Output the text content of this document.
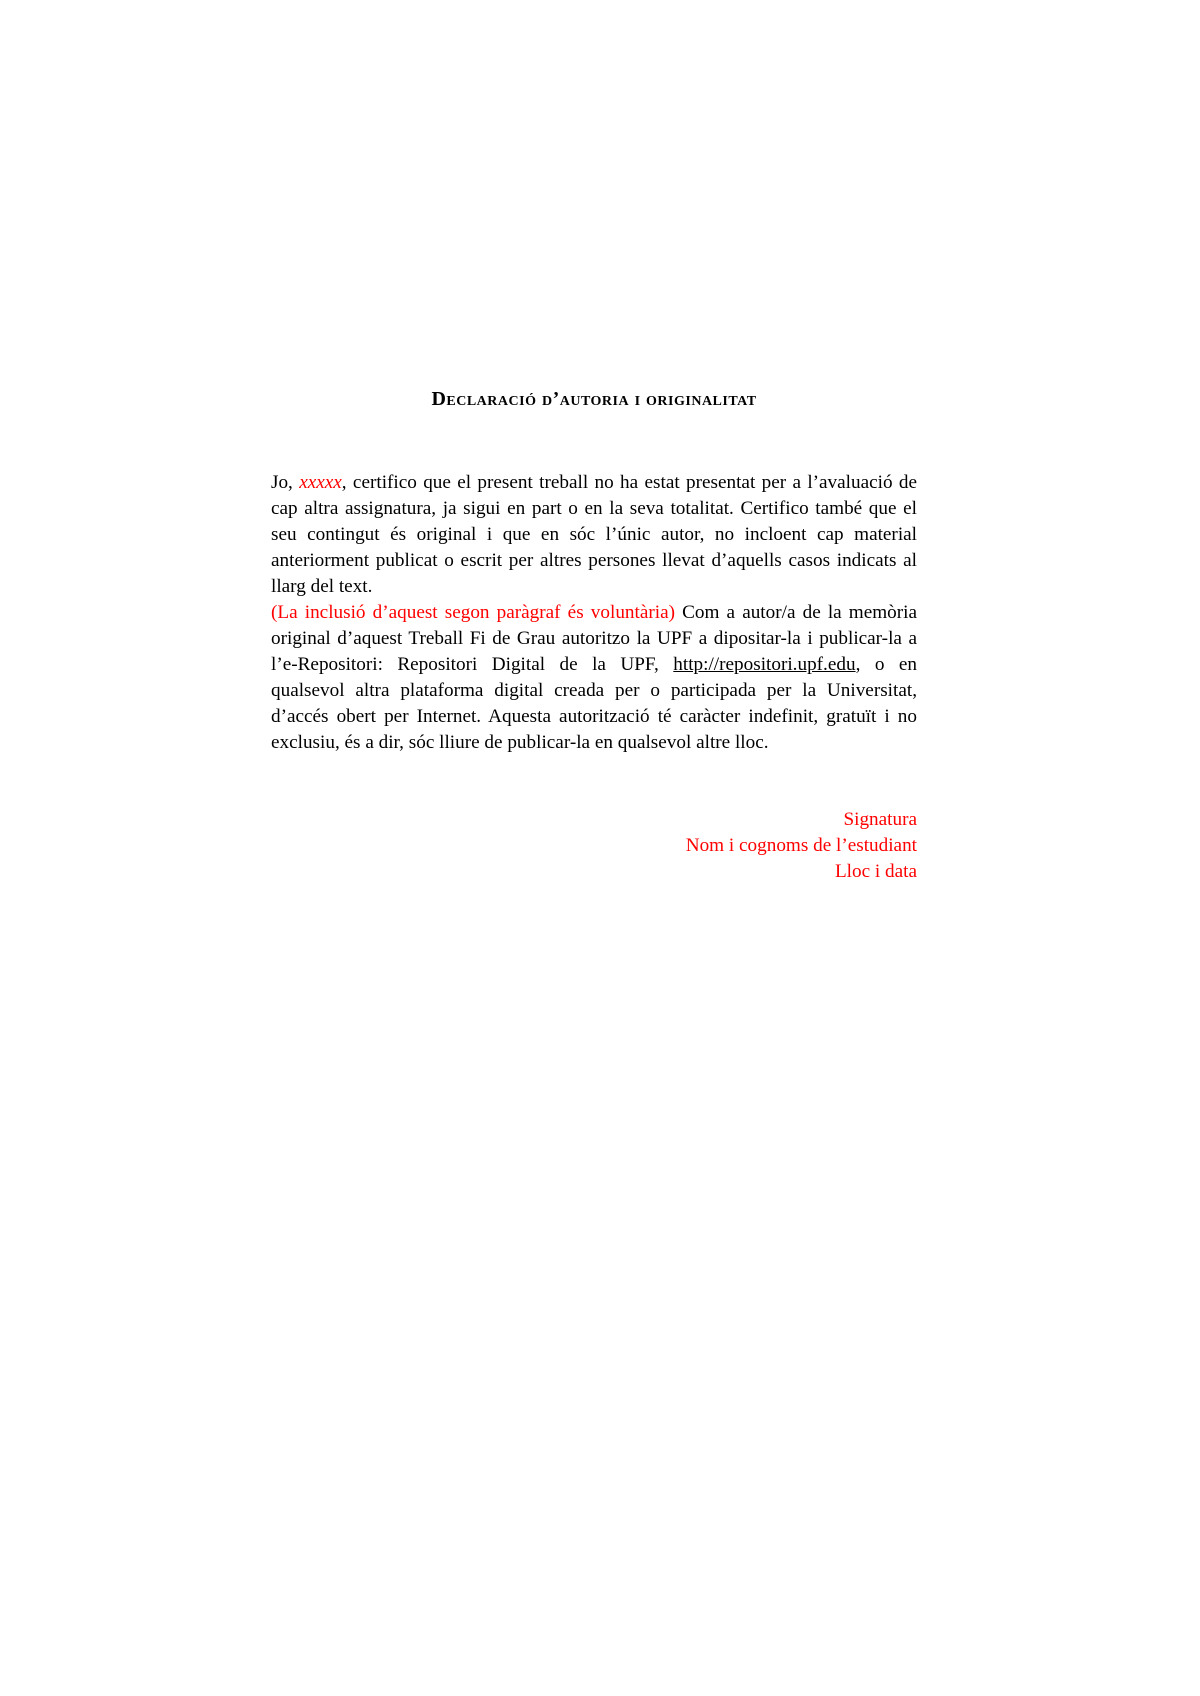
Declaració d’autoria i originalitat

Jo, xxxxx, certifico que el present treball no ha estat presentat per a l’avaluació de cap altra assignatura, ja sigui en part o en la seva totalitat. Certifico també que el seu contingut és original i que en sóc l’únic autor, no incloent cap material anteriorment publicat o escrit per altres persones llevat d’aquells casos indicats al llarg del text.

(La inclusió d’aquest segon paràgraf és voluntària) Com a autor/a de la memòria original d’aquest Treball Fi de Grau autoritzo la UPF a dipositar-la i publicar-la a l’e-Repositori: Repositori Digital de la UPF, http://repositori.upf.edu, o en qualsevol altra plataforma digital creada per o participada per la Universitat, d’accés obert per Internet. Aquesta autorització té caràcter indefinit, gratuït i no exclusiu, és a dir, sóc lliure de publicar-la en qualsevol altre lloc.

Signatura
Nom i cognoms de l’estudiant
Lloc i data
